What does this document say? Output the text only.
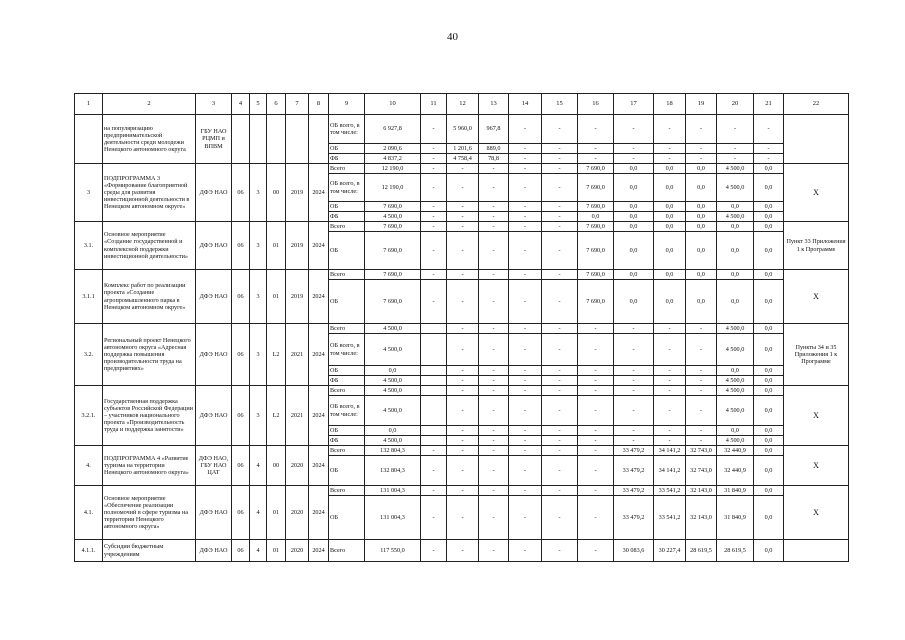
40
1	2	3	4	5	6	7	8	9	10	11	12	13	14	15	16	17	18	19	20	21	22
	на популяризацию предпринимательской деятельности среди молодежи Ненецкого автономного округа	ГБУ НАО РЦМП и ВПВМ						ОБ всего, в том числе:	6 927,8	-	5 960,0	967,8	-	-	-	-	-	-	-	-	
								ОБ	2 090,6	-	1 201,6	889,0	-	-	-	-	-	-	-	-	
								ФБ	4 837,2	-	4 758,4	78,8	-	-	-	-	-	-	-	-	
3	ПОДПРОГРАММА 3 «Формирование благоприятной среды для развития инвестиционной деятельности в Ненецком автономном округе»	ДФЭ НАО	06	3	00	2019	2024	Всего	12 190,0	-	-	-	-	-	7 690,0	0,0	0,0	0,0	4 500,0	0,0	X
								ОБ всего, в том числе:	12 190,0	-	-	-	-	-	7 690,0	0,0	0,0	0,0	4 500,0	0,0	
								ОБ	7 690,0	-	-	-	-	-	7 690,0	0,0	0,0	0,0	0,0	0,0	
								ФБ	4 500,0	-	-	-	-	-	0,0	0,0	0,0	0,0	4 500,0	0,0	
3.1.	Основное мероприятие «Создание государственной и комплексной поддержки инвестиционной деятельности»	ДФЭ НАО	06	3	01	2019	2024	Всего	7 690,0	-	-	-	-	-	7 690,0	0,0	0,0	0,0	0,0	0,0	Пункт 33 Приложения 1 к Программе
								ОБ	7 690,0	-	-	-	-	-	7 690,0	0,0	0,0	0,0	0,0	0,0	
3.1.1	Комплекс работ по реализации проекта «Создание агропромышленного парка в Ненецком автономном округе»	ДФЭ НАО	06	3	01	2019	2024	Всего	7 690,0	-	-	-	-	-	7 690,0	0,0	0,0	0,0	0,0	0,0	X
								ОБ	7 690,0	-	-	-	-	-	7 690,0	0,0	0,0	0,0	0,0	0,0	
3.2.	Региональный проект Ненецкого автономного округа «Адресная поддержка повышения производительности труда на предприятиях»	ДФЭ НАО	06	3	L2	2021	2024	Всего	4 500,0		-	-	-	-	-	-	-	-	4 500,0	0,0	Пункты 34 и 35 Приложения 1 к Программе
								ОБ всего, в том числе:	4 500,0		-	-	-	-	-	-	-	-	4 500,0	0,0	
								ОБ	0,0		-	-	-	-	-	-	-	-	0,0	0,0	
								ФБ	4 500,0		-	-	-	-	-	-	-	-	4 500,0	0,0	
3.2.1.	Государственная поддержка субъектов Российской Федерации – участников национального проекта «Производительность труда и поддержка занятости»	ДФЭ НАО	06	3	L2	2021	2024	Всего	4 500,0		-	-	-	-	-	-	-	-	4 500,0	0,0	X
								ОБ всего, в том числе:	4 500,0		-	-	-	-	-	-	-	-	4 500,0	0,0	
								ОБ	0,0		-	-	-	-	-	-	-	-	0,0	0,0	
								ФБ	4 500,0		-	-	-	-	-	-	-	-	4 500,0	0,0	
4.	ПОДПРОГРАММА 4 «Развитие туризма на территории Ненецкого автономного округа»	ДФЭ НАО, ГБУ НАО ЦАТ	06	4	00	2020	2024	Всего	132 804,3	-	-	-	-	-	-	33 479,2	34 141,2	32 743,0	32 440,9	0,0	X
								ОБ	132 804,3	-	-	-	-	-	-	33 479,2	34 141,2	32 743,0	32 440,9	0,0	
4.1.	Основное мероприятие «Обеспечение реализации полномочий в сфере туризма на территории Ненецкого автономного округа»	ДФЭ НАО	06	4	01	2020	2024	Всего	131 004,3	-	-	-	-	-	-	33 479,2	33 541,2	32 143,0	31 840,9	0,0	X
								ОБ	131 004,3	-	-	-	-	-	-	33 479,2	33 541,2	32 143,0	31 840,9	0,0	
4.1.1.	Субсидии бюджетным учреждениям	ДФЭ НАО	06	4	01	2020	2024	Всего	117 550,0	-	-	-	-	-	-	30 083,6	30 227,4	28 619,5	28 619,5	0,0	
